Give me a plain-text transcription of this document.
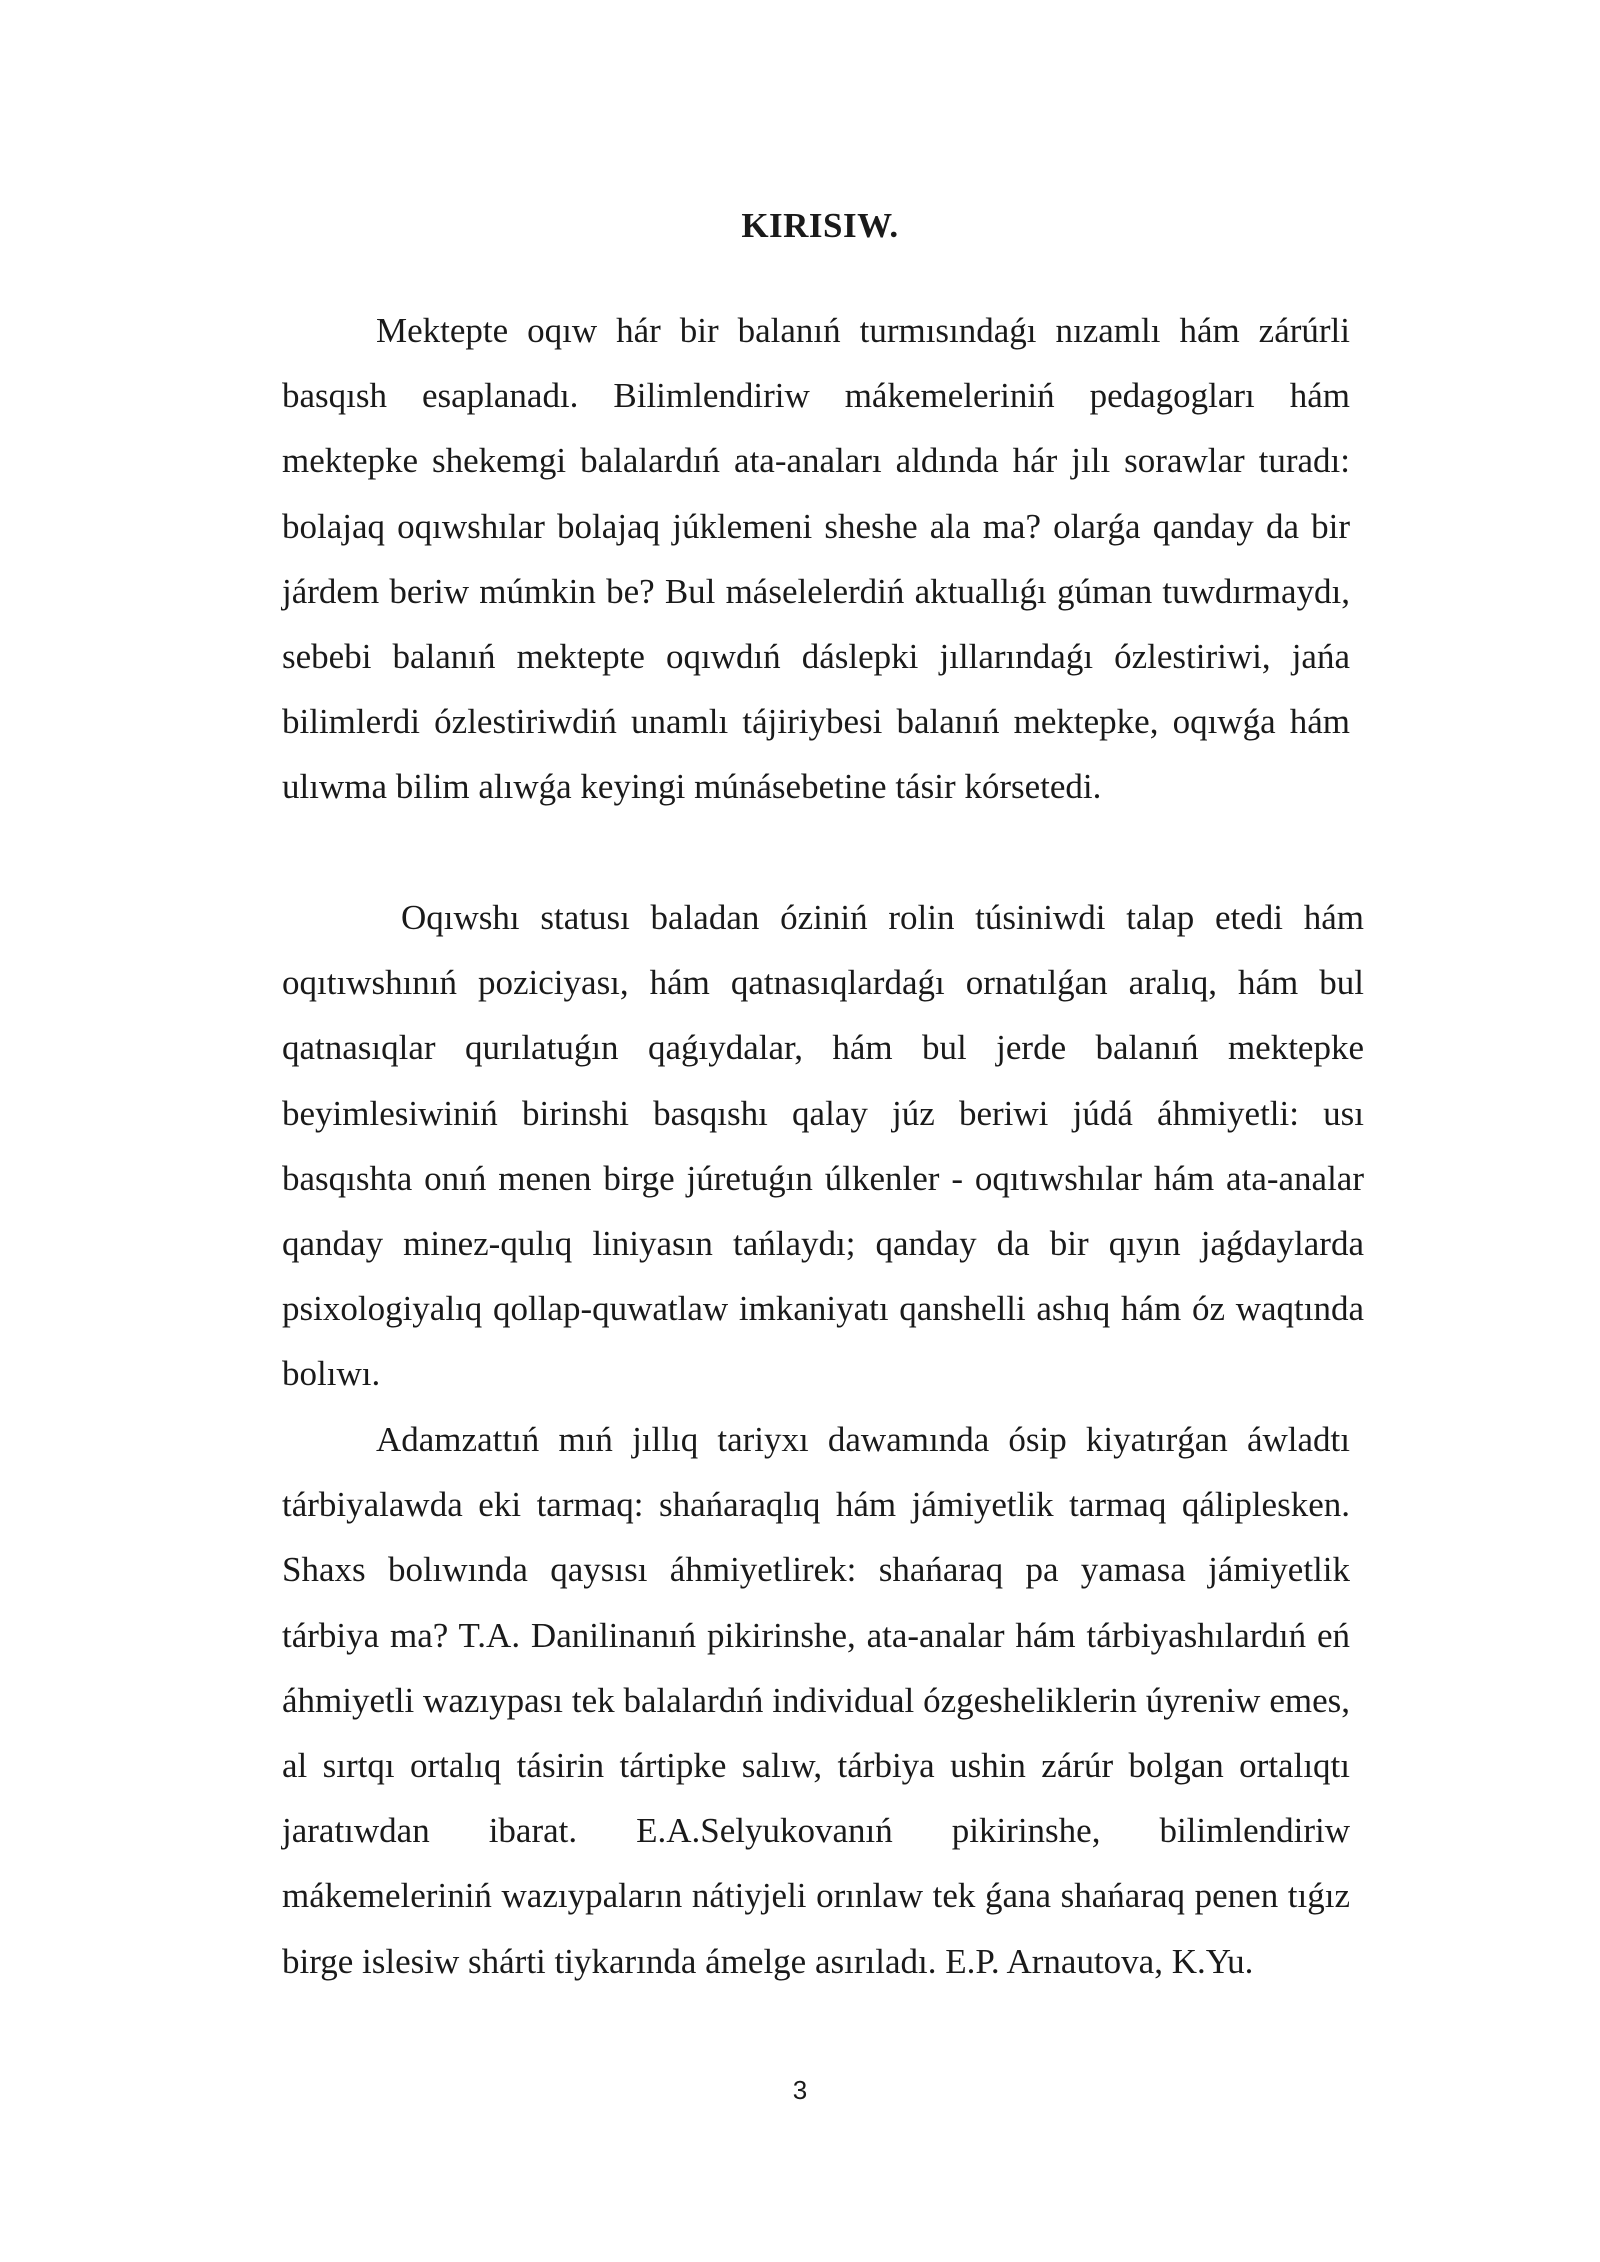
KIRISIW.

Mektepte oqıw hár bir balanıń turmısındaǵı nızamlı hám zárúrli basqısh esaplanadı. Bilimlendiriw mákemeleriniń pedagogları hám mektepke shekemgi balalardıń ata-anaları aldında hár jılı sorawlar turadı: bolajaq oqıwshılar bolajaq júklemeni sheshe ala ma? olarǵa qanday da bir járdem beriw múmkin be? Bul máselelerdiń aktuallıǵı gúman tuwdırmaydı, sebebi balanıń mektepte oqıwdıń dáslepki jıllarındaǵı ózlestiriwi, jańa bilimlerdi ózlestiriwdiń unamlı tájiriybesi balanıń mektepke, oqıwǵa hám ulıwma bilim alıwǵa keyingi múnásebetine tásir kórsetedi.

Oqıwshı statusı baladan óziniń rolin túsiniwdi talap etedi hám oqıtıwshınıń poziciyası, hám qatnasıqlardaǵı ornatılǵan aralıq, hám bul qatnasıqlar qurılatuǵın qaǵıydalar, hám bul jerde balanıń mektepke beyimlesiwiniń birinshi basqıshı qalay júz beriwi júdá áhmiyetli: usı basqıshta onıń menen birge júretuǵın úlkenler - oqıtıwshılar hám ata-analar qanday minez-qulıq liniyasın tańlaydı; qanday da bir qıyın jaǵdaylarda psixologiyalıq qollap-quwatlaw imkaniyatı qanshelli ashıq hám óz waqtında bolıwı.

Adamzattıń mıń jıllıq tariyxı dawamında ósip kiyatırǵan áwladtı tárbiyalawda eki tarmaq: shańaraqlıq hám jámiyetlik tarmaq qáliplesken. Shaxs bolıwında qaysısı áhmiyetlirek: shańaraq pa yamasa jámiyetlik tárbiya ma? T.A. Danilinanıń pikirinshe, ata-analar hám tárbiyashılardıń eń áhmiyetli wazıypası tek balalardıń individual ózgesheliklerin úyreniw emes, al sırtqı ortalıq tásirin tártipke salıw, tárbiya ushin zárúr bolgan ortalıqtı jaratıwdan ibarat. E.A.Selyukovanıń pikirinshe, bilimlendiriw mákemeleriniń wazıypaların nátiyjeli orınlaw tek ǵana shańaraq penen tıǵız birge islesiw shárti tiykarında ámelge asırıladı. E.P. Arnautova, K.Yu.

3
